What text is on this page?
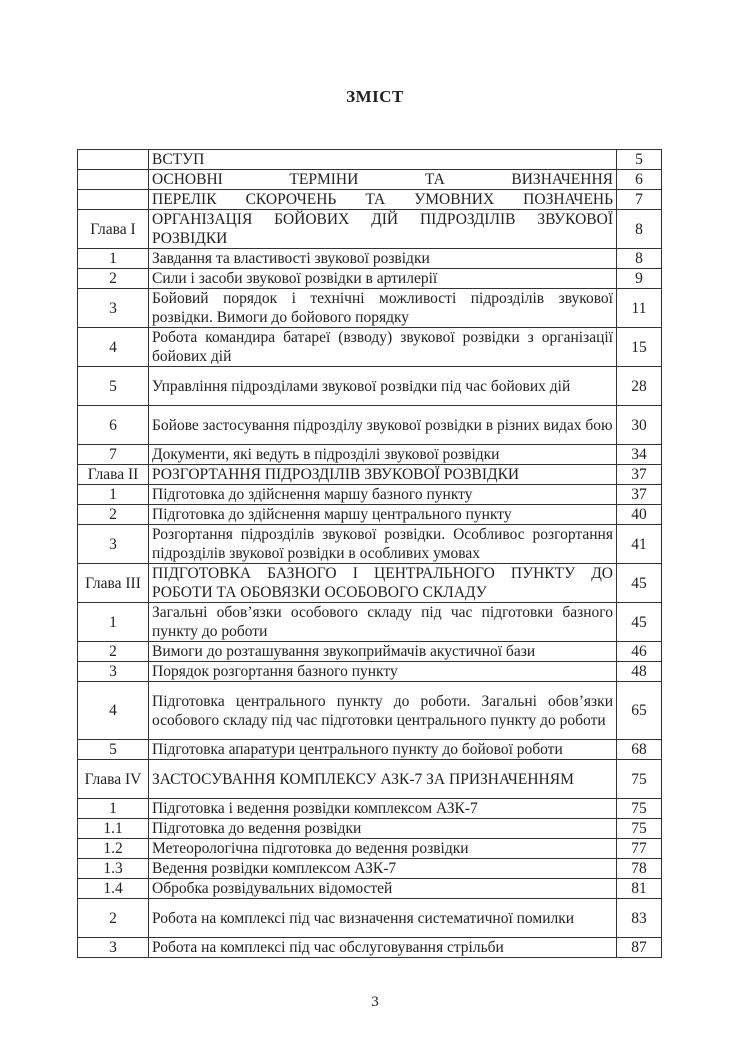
ЗМІСТ
	ВСТУП	5
	ОСНОВНІ ТЕРМІНИ ТА ВИЗНАЧЕННЯ	6
	ПЕРЕЛІК СКОРОЧЕНЬ ТА УМОВНИХ ПОЗНАЧЕНЬ	7
Глава I	ОРГАНІЗАЦІЯ БОЙОВИХ ДІЙ ПІДРОЗДІЛІВ ЗВУКОВОЇ РОЗВІДКИ	8
1	Завдання та властивості звукової розвідки	8
2	Сили і засоби звукової розвідки в артилерії	9
3	Бойовий порядок і технічні можливості підрозділів звукової розвідки. Вимоги до бойового порядку	11
4	Робота командира батареї (взводу) звукової розвідки з організації бойових дій	15
5	Управління підрозділами звукової розвідки під час бойових дій	28
6	Бойове застосування підрозділу звукової розвідки в різних видах бою	30
7	Документи, які ведуть в підрозділі звукової розвідки	34
Глава II	РОЗГОРТАННЯ ПІДРОЗДІЛІВ ЗВУКОВОЇ РОЗВІДКИ	37
1	Підготовка до здійснення маршу базного пункту	37
2	Підготовка до здійснення маршу центрального пункту	40
3	Розгортання підрозділів звукової розвідки. Особливос розгортання підрозділів звукової розвідки в особливих умовах	41
Глава III	ПІДГОТОВКА БАЗНОГО І ЦЕНТРАЛЬНОГО ПУНКТУ ДО РОБОТИ ТА ОБОВЯЗКИ ОСОБОВОГО СКЛАДУ	45
1	Загальні обов’язки особового складу під час підготовки базного пункту до роботи	45
2	Вимоги до розташування звукоприймачів акустичної бази	46
3	Порядок розгортання базного пункту	48
4	Підготовка центрального пункту до роботи. Загальні обов’язки особового складу під час підготовки центрального пункту до роботи	65
5	Підготовка апаратури центрального пункту до бойової роботи	68
Глава IV	ЗАСТОСУВАННЯ КОМПЛЕКСУ АЗК-7 ЗА ПРИЗНАЧЕННЯМ	75
1	Підготовка і ведення розвідки комплексом АЗК-7	75
1.1	Підготовка до ведення розвідки	75
1.2	Метеорологічна підготовка до ведення розвідки	77
1.3	Ведення розвідки комплексом АЗК-7	78
1.4	Обробка розвідувальних відомостей	81
2	Робота на комплексі під час визначення систематичної помилки	83
3	Робота на комплексі під час обслуговування стрільби	87
3
